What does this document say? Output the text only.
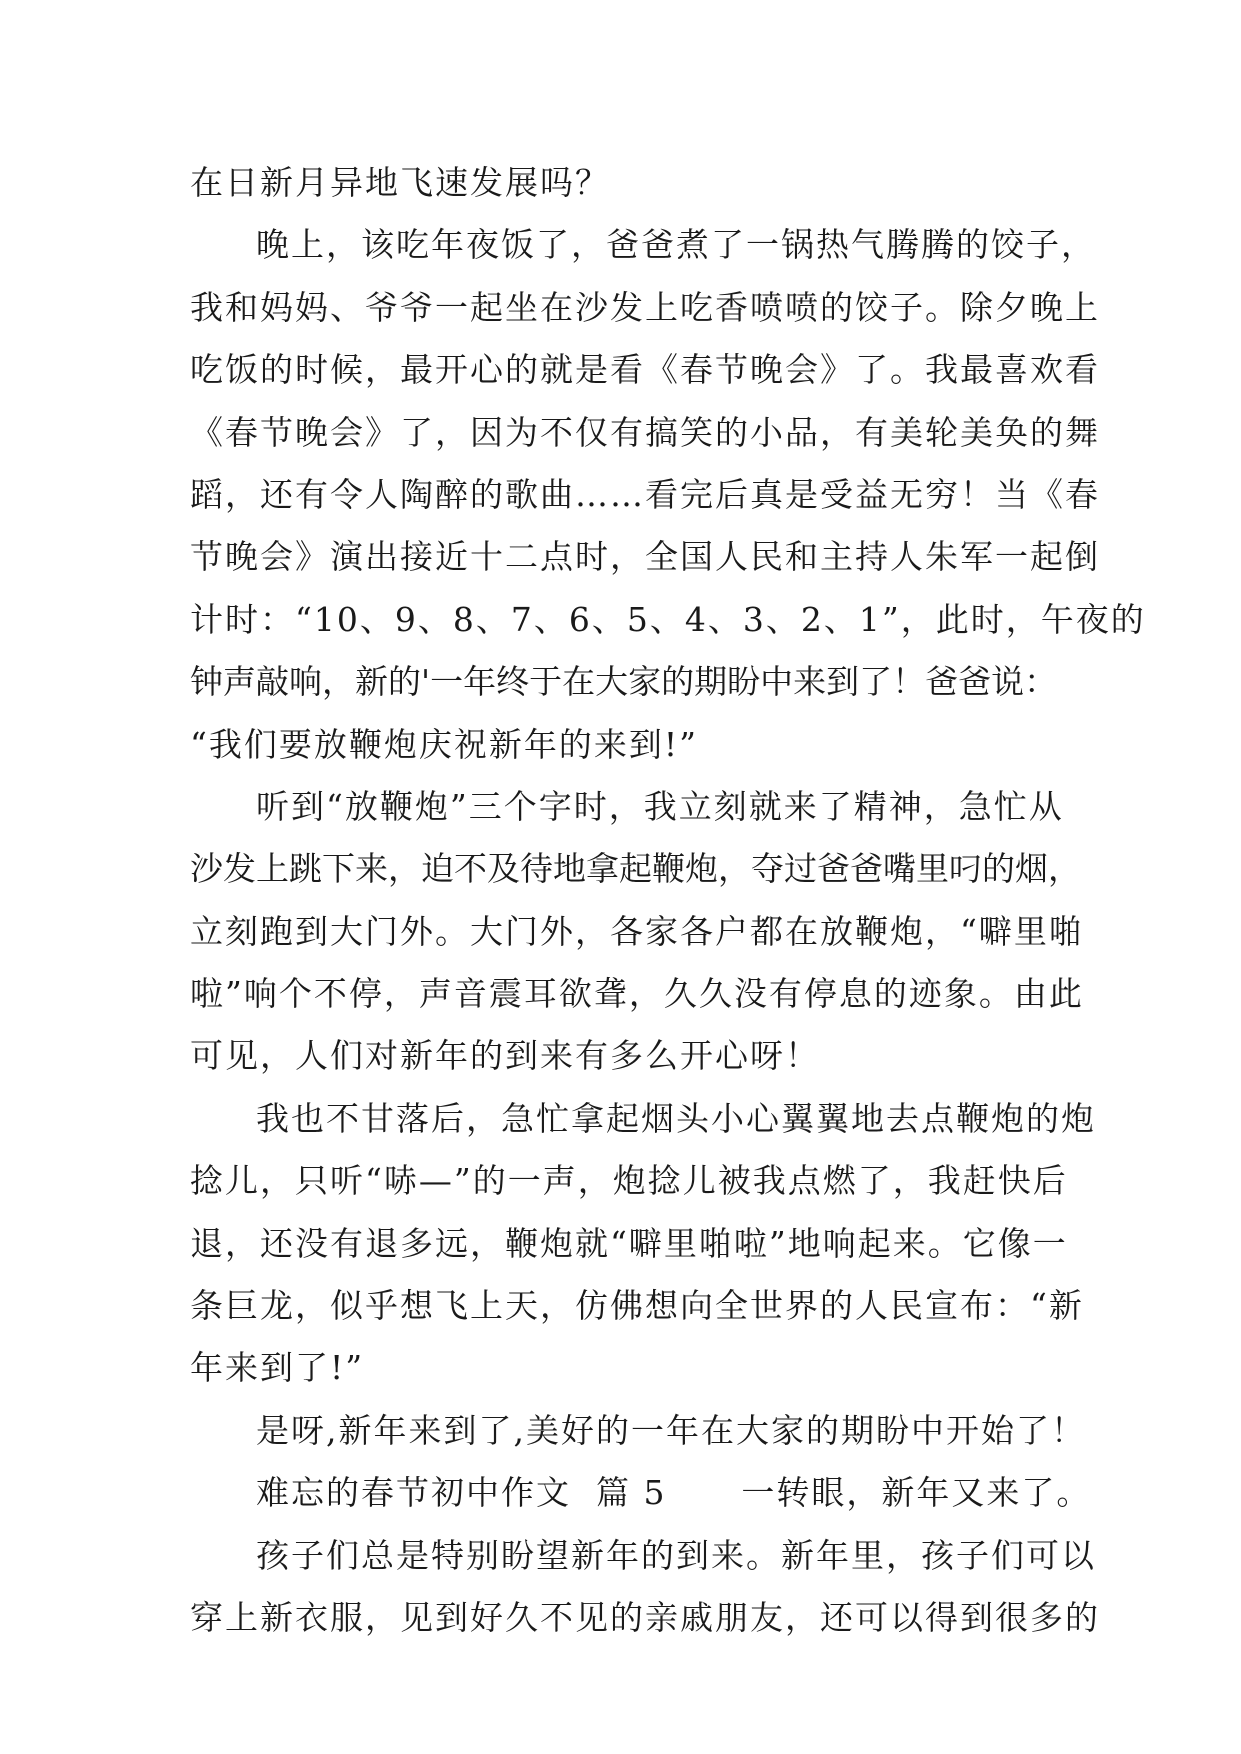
在日新月异地飞速发展吗？
晚上，该吃年夜饭了，爸爸煮了一锅热气腾腾的饺子，
我和妈妈、爷爷一起坐在沙发上吃香喷喷的饺子。除夕晚上
吃饭的时候，最开心的就是看《春节晚会》了。我最喜欢看
《春节晚会》了，因为不仅有搞笑的小品，有美轮美奂的舞
蹈，还有令人陶醉的歌曲……看完后真是受益无穷！当《春
节晚会》演出接近十二点时，全国人民和主持人朱军一起倒
计时：“10、9、8、7、6、5、4、3、2、1”，此时，午夜的
钟声敲响，新的'一年终于在大家的期盼中来到了！爸爸说：
“我们要放鞭炮庆祝新年的来到!”
听到“放鞭炮”三个字时，我立刻就来了精神，急忙从
沙发上跳下来，迫不及待地拿起鞭炮，夺过爸爸嘴里叼的烟，
立刻跑到大门外。大门外，各家各户都在放鞭炮，“噼里啪
啦”响个不停，声音震耳欲聋，久久没有停息的迹象。由此
可见，人们对新年的到来有多么开心呀！
我也不甘落后，急忙拿起烟头小心翼翼地去点鞭炮的炮
捻儿，只听“哧—”的一声，炮捻儿被我点燃了，我赶快后
退，还没有退多远，鞭炮就“噼里啪啦”地响起来。它像一
条巨龙，似乎想飞上天，仿佛想向全世界的人民宣布：“新
年来到了!”
是呀,新年来到了,美好的一年在大家的期盼中开始了！
难忘的春节初中作文  篇 5      一转眼，新年又来了。
孩子们总是特别盼望新年的到来。新年里，孩子们可以
穿上新衣服，见到好久不见的亲戚朋友，还可以得到很多的
